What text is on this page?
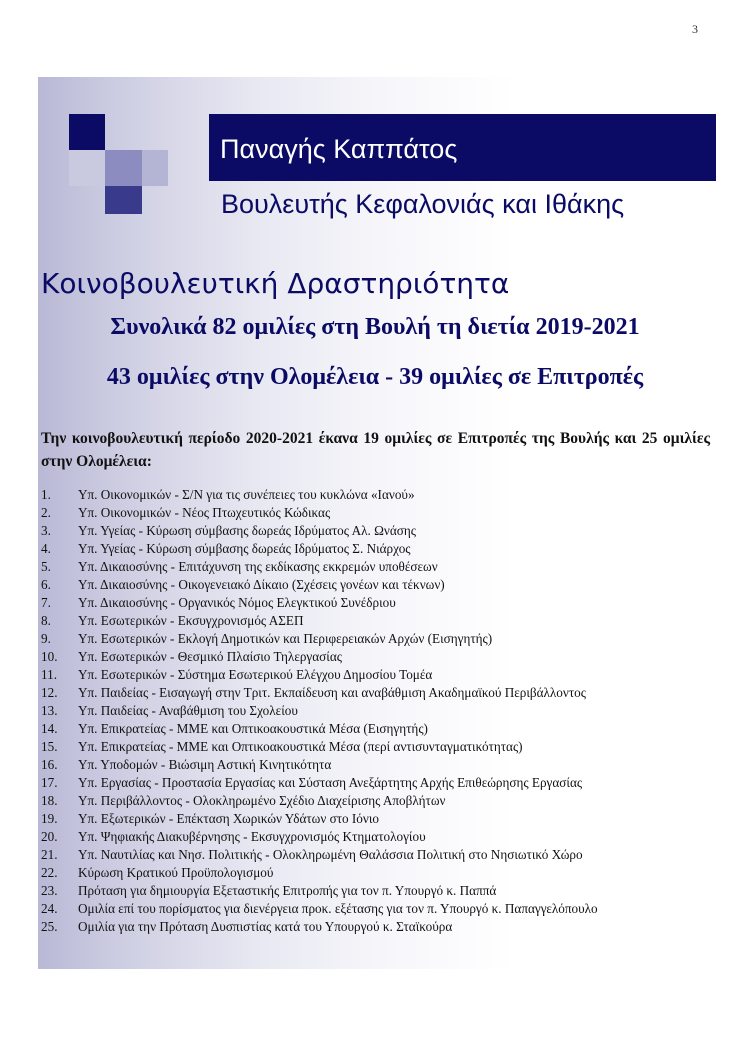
3
Παναγής Καππάτος
Βουλευτής Κεφαλονιάς και Ιθάκης
Κοινοβουλευτική Δραστηριότητα
Συνολικά 82 ομιλίες στη Βουλή τη διετία 2019-2021
43 ομιλίες στην Ολομέλεια - 39 ομιλίες σε Επιτροπές
Την κοινοβουλευτική περίοδο 2020-2021 έκανα 19 ομιλίες σε Επιτροπές της Βουλής και 25 ομιλίες στην Ολομέλεια:
1. Υπ. Οικονομικών - Σ/Ν για τις συνέπειες του κυκλώνα «Ιανού»
2. Υπ. Οικονομικών - Νέος Πτωχευτικός Κώδικας
3. Υπ. Υγείας - Κύρωση σύμβασης δωρεάς Ιδρύματος Αλ. Ωνάσης
4. Υπ. Υγείας - Κύρωση σύμβασης δωρεάς Ιδρύματος Σ. Νιάρχος
5. Υπ. Δικαιοσύνης - Επιτάχυνση της εκδίκασης εκκρεμών υποθέσεων
6. Υπ. Δικαιοσύνης - Οικογενειακό Δίκαιο (Σχέσεις γονέων και τέκνων)
7. Υπ. Δικαιοσύνης - Οργανικός Νόμος Ελεγκτικού Συνέδριου
8. Υπ. Εσωτερικών - Εκσυγχρονισμός ΑΣΕΠ
9. Υπ. Εσωτερικών - Εκλογή Δημοτικών και Περιφερειακών Αρχών (Εισηγητής)
10. Υπ. Εσωτερικών - Θεσμικό Πλαίσιο Τηλεργασίας
11. Υπ. Εσωτερικών - Σύστημα Εσωτερικού Ελέγχου Δημοσίου Τομέα
12. Υπ. Παιδείας - Εισαγωγή στην Τριτ. Εκπαίδευση και αναβάθμιση Ακαδημαϊκού Περιβάλλοντος
13. Υπ. Παιδείας - Αναβάθμιση του Σχολείου
14. Υπ. Επικρατείας - ΜΜΕ και Οπτικοακουστικά Μέσα (Εισηγητής)
15. Υπ. Επικρατείας - ΜΜΕ και Οπτικοακουστικά Μέσα (περί αντισυνταγματικότητας)
16. Υπ. Υποδομών - Βιώσιμη Αστική Κινητικότητα
17. Υπ. Εργασίας - Προστασία Εργασίας και Σύσταση Ανεξάρτητης Αρχής Επιθεώρησης Εργασίας
18. Υπ. Περιβάλλοντος - Ολοκληρωμένο Σχέδιο Διαχείρισης Αποβλήτων
19. Υπ. Εξωτερικών - Επέκταση Χωρικών Υδάτων στο Ιόνιο
20. Υπ. Ψηφιακής Διακυβέρνησης - Εκσυγχρονισμός Κτηματολογίου
21. Υπ. Ναυτιλίας και Νησ. Πολιτικής - Ολοκληρωμένη Θαλάσσια Πολιτική στο Νησιωτικό Χώρο
22. Κύρωση Κρατικού Προϋπολογισμού
23. Πρόταση για δημιουργία Εξεταστικής Επιτροπής για τον π. Υπουργό κ. Παππά
24. Ομιλία επί του πορίσματος για διενέργεια προκ. εξέτασης για τον π. Υπουργό κ. Παπαγγελόπουλο
25. Ομιλία για την Πρόταση Δυσπιστίας κατά του Υπουργού κ. Σταϊκούρα
